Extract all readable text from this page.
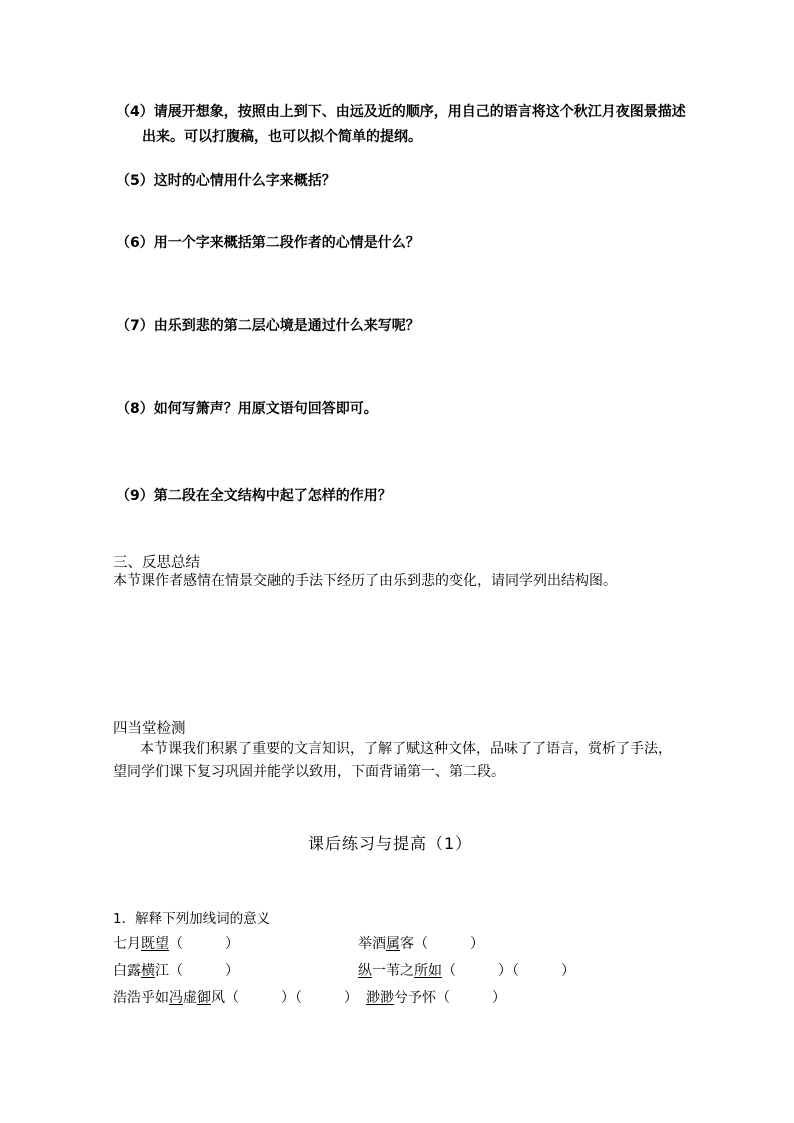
（4）请展开想象，按照由上到下、由远及近的顺序，用自己的语言将这个秋江月夜图景描述
出来。可以打腹稿，也可以拟个简单的提纲。
（5）这时的心情用什么字来概括？
（6）用一个字来概括第二段作者的心情是什么？
（7）由乐到悲的第二层心境是通过什么来写呢？
（8）如何写箫声？用原文语句回答即可。
（9）第二段在全文结构中起了怎样的作用？
三、反思总结
本节课作者感情在情景交融的手法下经历了由乐到悲的变化，请同学列出结构图。
四当堂检测
本节课我们积累了重要的文言知识，了解了赋这种文体，品味了了语言，赏析了手法，
望同学们课下复习巩固并能学以致用，下面背诵第一、第二段。
课后练习与提高（1）
1．解释下列加线词的意义
七月既望（　　　）	举酒属客（　　　）
白露横江（　　　）	纵一苇之所如（　　　）（　　　）
浩浩乎如冯虚御风（　　　）（　　　） 渺渺兮予怀（　　　）
